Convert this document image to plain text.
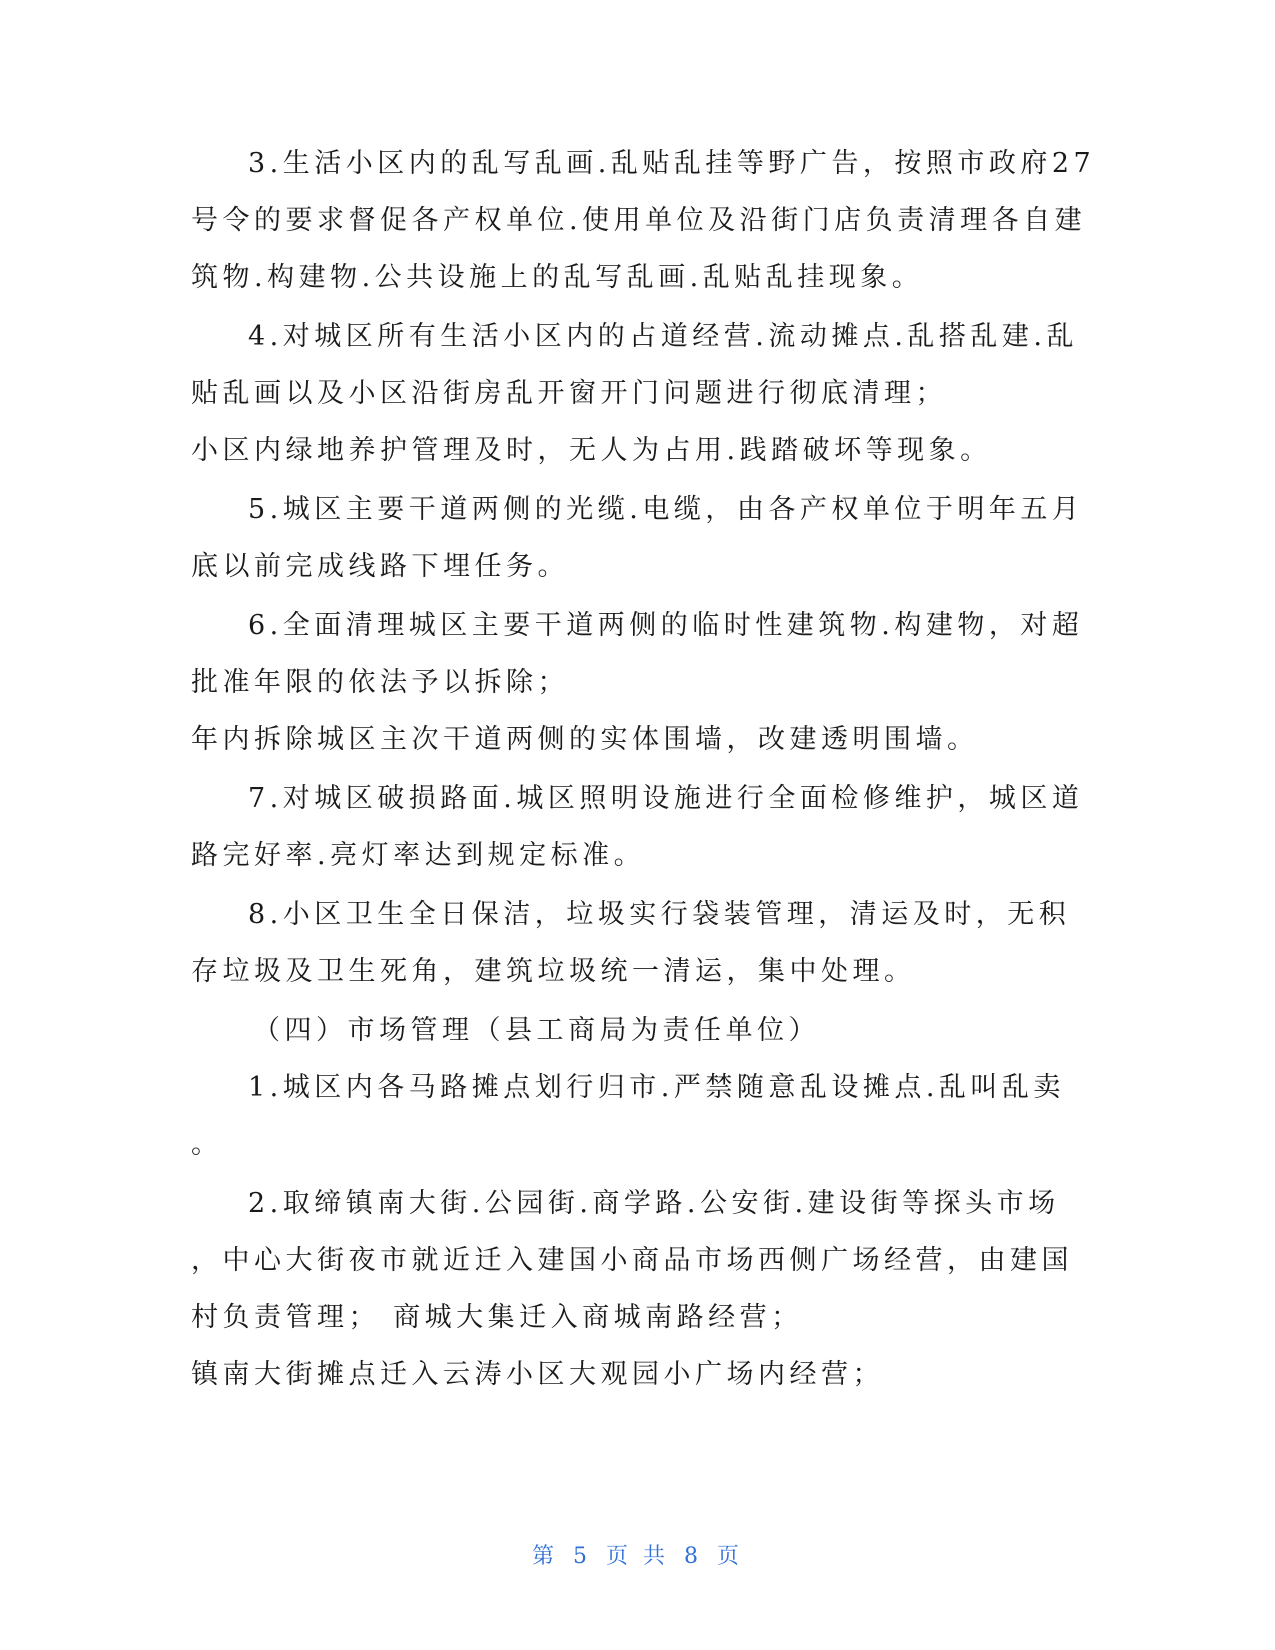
3.生活小区内的乱写乱画.乱贴乱挂等野广告，按照市政府27
号令的要求督促各产权单位.使用单位及沿街门店负责清理各自建
筑物.构建物.公共设施上的乱写乱画.乱贴乱挂现象。
4.对城区所有生活小区内的占道经营.流动摊点.乱搭乱建.乱
贴乱画以及小区沿街房乱开窗开门问题进行彻底清理；
小区内绿地养护管理及时，无人为占用.践踏破坏等现象。
5.城区主要干道两侧的光缆.电缆，由各产权单位于明年五月
底以前完成线路下埋任务。
6.全面清理城区主要干道两侧的临时性建筑物.构建物，对超
批准年限的依法予以拆除；
年内拆除城区主次干道两侧的实体围墙，改建透明围墙。
7.对城区破损路面.城区照明设施进行全面检修维护，城区道
路完好率.亮灯率达到规定标准。
8.小区卫生全日保洁，垃圾实行袋装管理，清运及时，无积
存垃圾及卫生死角，建筑垃圾统一清运，集中处理。
（四）市场管理（县工商局为责任单位）
1.城区内各马路摊点划行归市.严禁随意乱设摊点.乱叫乱卖
。
2.取缔镇南大街.公园街.商学路.公安街.建设街等探头市场
，中心大街夜市就近迁入建国小商品市场西侧广场经营，由建国
村负责管理； 商城大集迁入商城南路经营；
镇南大街摊点迁入云涛小区大观园小广场内经营；
第 5 页 共 8 页
